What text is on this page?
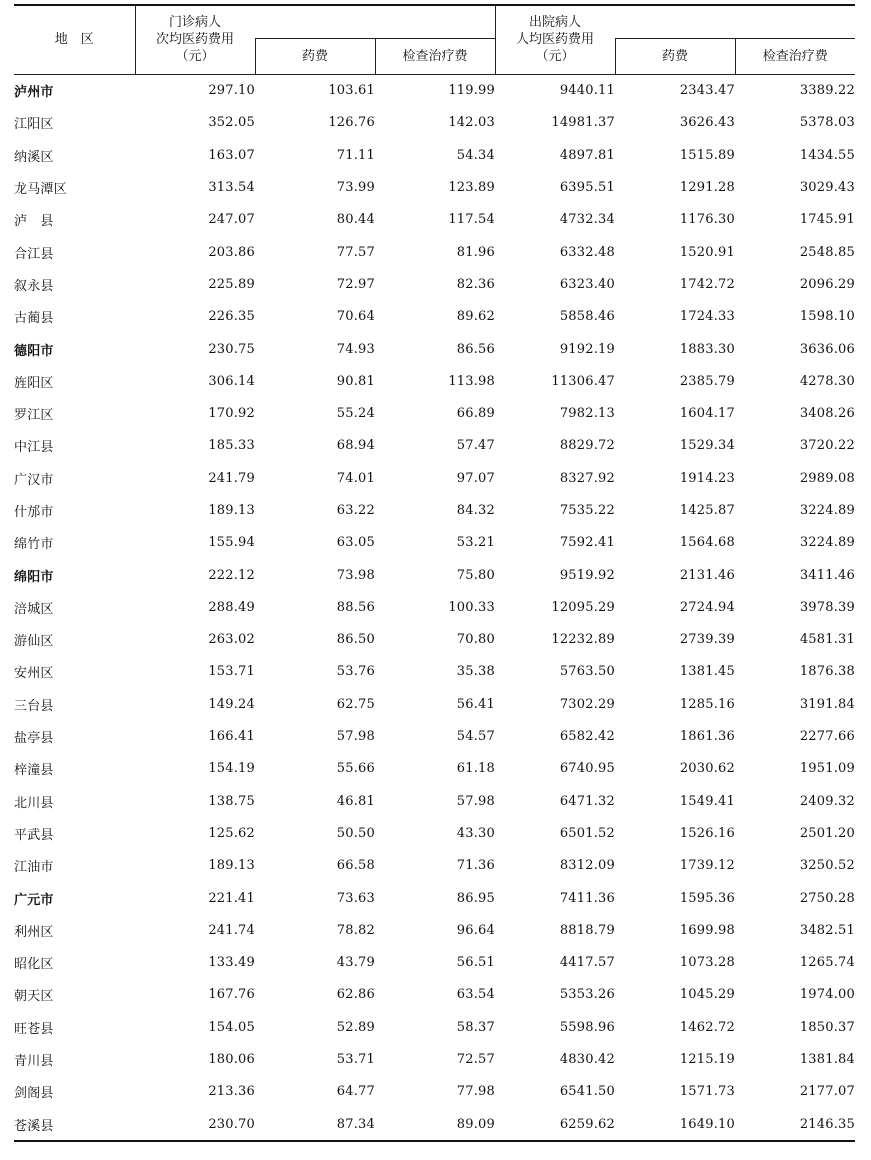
地　区	门诊病人
次均医药费用
（元）			出院病人
人均医药费用
（元）		

		药费	检查治疗费		药费	检查治疗费
泸州市	297.10	103.61	119.99	9440.11	2343.47	3389.22
江阳区	352.05	126.76	142.03	14981.37	3626.43	5378.03
纳溪区	163.07	71.11	54.34	4897.81	1515.89	1434.55
龙马潭区	313.54	73.99	123.89	6395.51	1291.28	3029.43
泸　县	247.07	80.44	117.54	4732.34	1176.30	1745.91
合江县	203.86	77.57	81.96	6332.48	1520.91	2548.85
叙永县	225.89	72.97	82.36	6323.40	1742.72	2096.29
古蔺县	226.35	70.64	89.62	5858.46	1724.33	1598.10
德阳市	230.75	74.93	86.56	9192.19	1883.30	3636.06
旌阳区	306.14	90.81	113.98	11306.47	2385.79	4278.30
罗江区	170.92	55.24	66.89	7982.13	1604.17	3408.26
中江县	185.33	68.94	57.47	8829.72	1529.34	3720.22
广汉市	241.79	74.01	97.07	8327.92	1914.23	2989.08
什邡市	189.13	63.22	84.32	7535.22	1425.87	3224.89
绵竹市	155.94	63.05	53.21	7592.41	1564.68	3224.89
绵阳市	222.12	73.98	75.80	9519.92	2131.46	3411.46
涪城区	288.49	88.56	100.33	12095.29	2724.94	3978.39
游仙区	263.02	86.50	70.80	12232.89	2739.39	4581.31
安州区	153.71	53.76	35.38	5763.50	1381.45	1876.38
三台县	149.24	62.75	56.41	7302.29	1285.16	3191.84
盐亭县	166.41	57.98	54.57	6582.42	1861.36	2277.66
梓潼县	154.19	55.66	61.18	6740.95	2030.62	1951.09
北川县	138.75	46.81	57.98	6471.32	1549.41	2409.32
平武县	125.62	50.50	43.30	6501.52	1526.16	2501.20
江油市	189.13	66.58	71.36	8312.09	1739.12	3250.52
广元市	221.41	73.63	86.95	7411.36	1595.36	2750.28
利州区	241.74	78.82	96.64	8818.79	1699.98	3482.51
昭化区	133.49	43.79	56.51	4417.57	1073.28	1265.74
朝天区	167.76	62.86	63.54	5353.26	1045.29	1974.00
旺苍县	154.05	52.89	58.37	5598.96	1462.72	1850.37
青川县	180.06	53.71	72.57	4830.42	1215.19	1381.84
剑阁县	213.36	64.77	77.98	6541.50	1571.73	2177.07
苍溪县	230.70	87.34	89.09	6259.62	1649.10	2146.35
